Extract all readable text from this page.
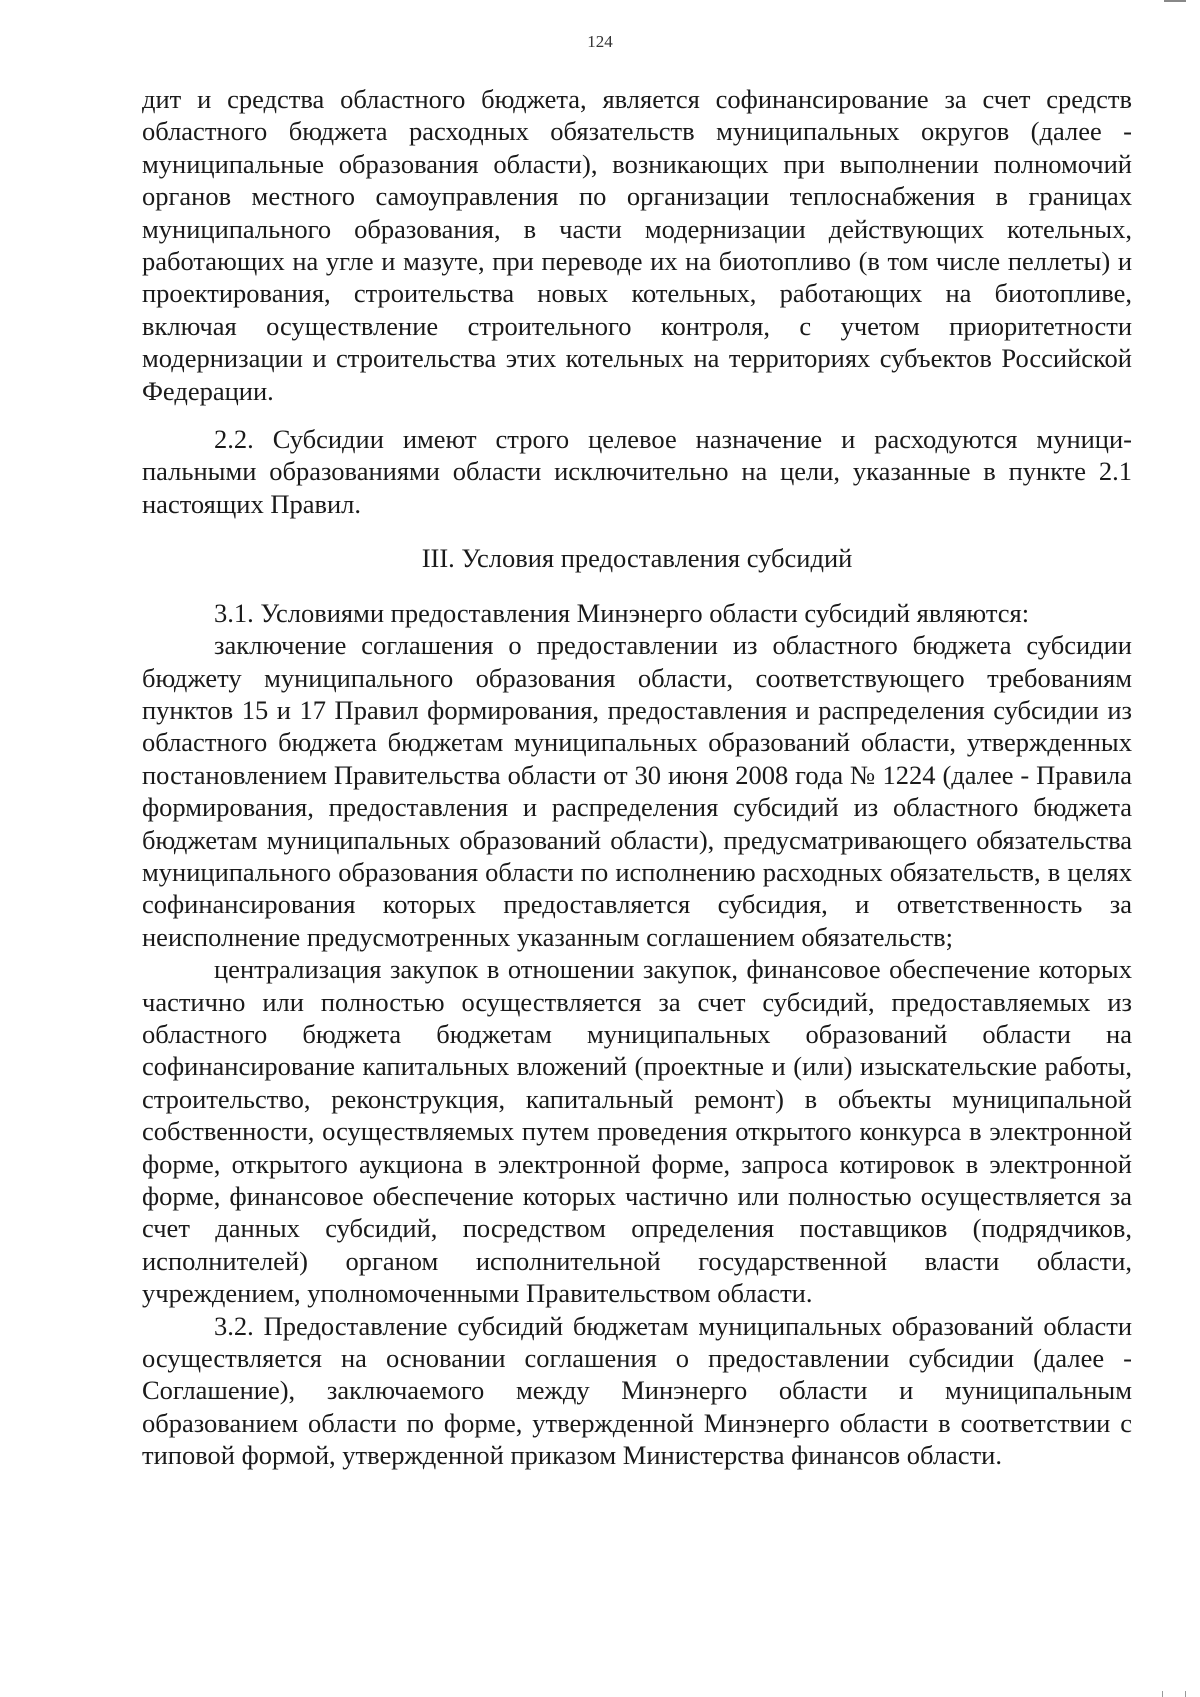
124

дит и средства областного бюджета, является софинансирование за счет средств областного бюджета расходных обязательств муниципальных округов (далее - муниципальные образования области), возникающих при выполнении полномочий органов местного самоуправления по организации теплоснабжения в границах муниципального образования, в части модернизации действующих котельных, работающих на угле и мазуте, при переводе их на биотопливо (в том числе пеллеты) и проектирования, строительства новых котельных, работающих на биотопливе, включая осуществление строительного контроля, с учетом приоритетности модернизации и строительства этих котельных на территориях субъектов Российской Федерации.

2.2. Субсидии имеют строго целевое назначение и расходуются муниципальными образованиями области исключительно на цели, указанные в пункте 2.1 настоящих Правил.

III. Условия предоставления субсидий

3.1. Условиями предоставления Минэнерго области субсидий являются:

заключение соглашения о предоставлении из областного бюджета субсидии бюджету муниципального образования области, соответствующего требованиям пунктов 15 и 17 Правил формирования, предоставления и распределения субсидии из областного бюджета бюджетам муниципальных образований области, утвержденных постановлением Правительства области от 30 июня 2008 года № 1224 (далее - Правила формирования, предоставления и распределения субсидий из областного бюджета бюджетам муниципальных образований области), предусматривающего обязательства муниципального образования области по исполнению расходных обязательств, в целях софинансирования которых предоставляется субсидия, и ответственность за неисполнение предусмотренных указанным соглашением обязательств;

централизация закупок в отношении закупок, финансовое обеспечение которых частично или полностью осуществляется за счет субсидий, предоставляемых из областного бюджета бюджетам муниципальных образований области на софинансирование капитальных вложений (проектные и (или) изыскательские работы, строительство, реконструкция, капитальный ремонт) в объекты муниципальной собственности, осуществляемых путем проведения открытого конкурса в электронной форме, открытого аукциона в электронной форме, запроса котировок в электронной форме, финансовое обеспечение которых частично или полностью осуществляется за счет данных субсидий, посредством определения поставщиков (подрядчиков, исполнителей) органом исполнительной государственной власти области, учреждением, уполномоченными Правительством области.

3.2. Предоставление субсидий бюджетам муниципальных образований области осуществляется на основании соглашения о предоставлении субсидии (далее - Соглашение), заключаемого между Минэнерго области и муниципальным образованием области по форме, утвержденной Минэнерго области в соответствии с типовой формой, утвержденной приказом Министерства финансов области.
